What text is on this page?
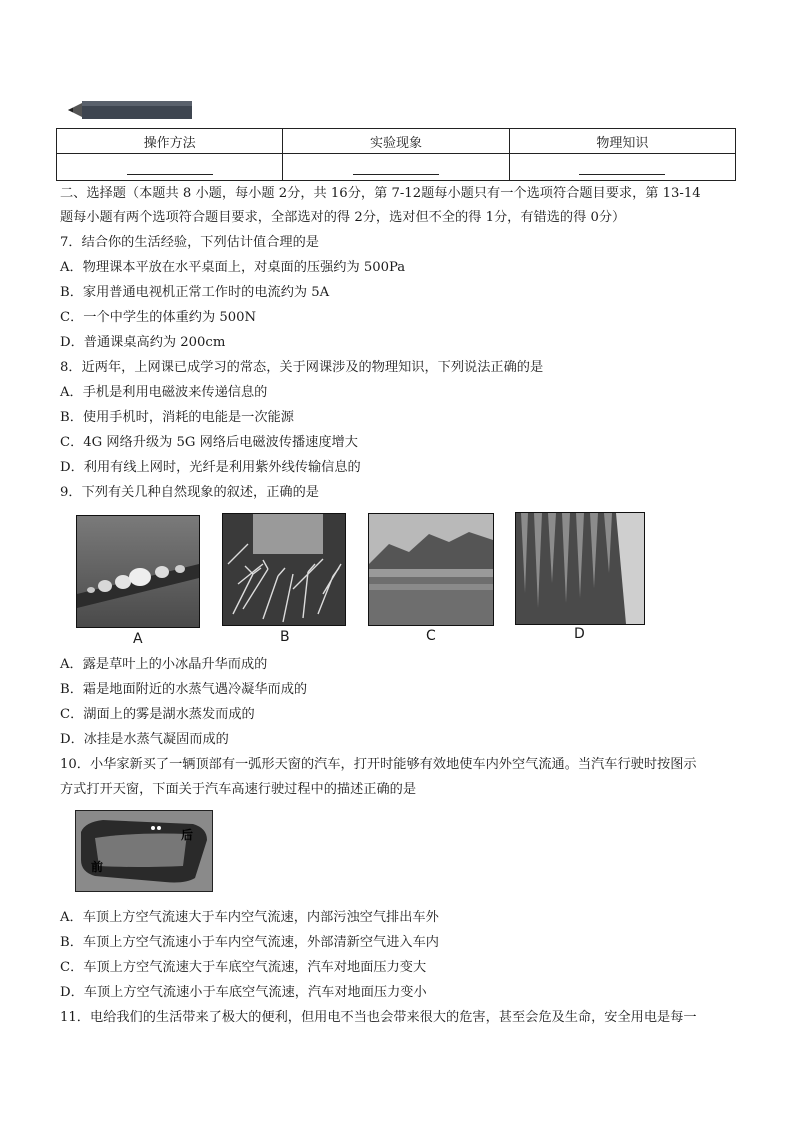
操作方法	实验现象	物理知识

二、选择题（本题共 8 小题，每小题 2分，共 16分，第 7-12题每小题只有一个选项符合题目要求，第 13-14
题每小题有两个选项符合题目要求，全部选对的得 2分，选对但不全的得 1分，有错选的得 0分）
7．结合你的生活经验，下列估计值合理的是
A．物理课本平放在水平桌面上，对桌面的压强约为 500Pa
B．家用普通电视机正常工作时的电流约为 5A
C．一个中学生的体重约为 500N
D．普通课桌高约为 200cm
8．近两年，上网课已成学习的常态，关于网课涉及的物理知识，下列说法正确的是
A．手机是利用电磁波来传递信息的
B．使用手机时，消耗的电能是一次能源
C．4G 网络升级为 5G 网络后电磁波传播速度增大
D．利用有线上网时，光纤是利用紫外线传输信息的
9．下列有关几种自然现象的叙述，正确的是
A	B	C	D
A．露是草叶上的小冰晶升华而成的
B．霜是地面附近的水蒸气遇冷凝华而成的
C．湖面上的雾是湖水蒸发而成的
D．冰挂是水蒸气凝固而成的
10．小华家新买了一辆顶部有一弧形天窗的汽车，打开时能够有效地使车内外空气流通。当汽车行驶时按图示
方式打开天窗，下面关于汽车高速行驶过程中的描述正确的是
后
前
A．车顶上方空气流速大于车内空气流速，内部污浊空气排出车外
B．车顶上方空气流速小于车内空气流速，外部清新空气进入车内
C．车顶上方空气流速大于车底空气流速，汽车对地面压力变大
D．车顶上方空气流速小于车底空气流速，汽车对地面压力变小
11．电给我们的生活带来了极大的便利，但用电不当也会带来很大的危害，甚至会危及生命，安全用电是每一
